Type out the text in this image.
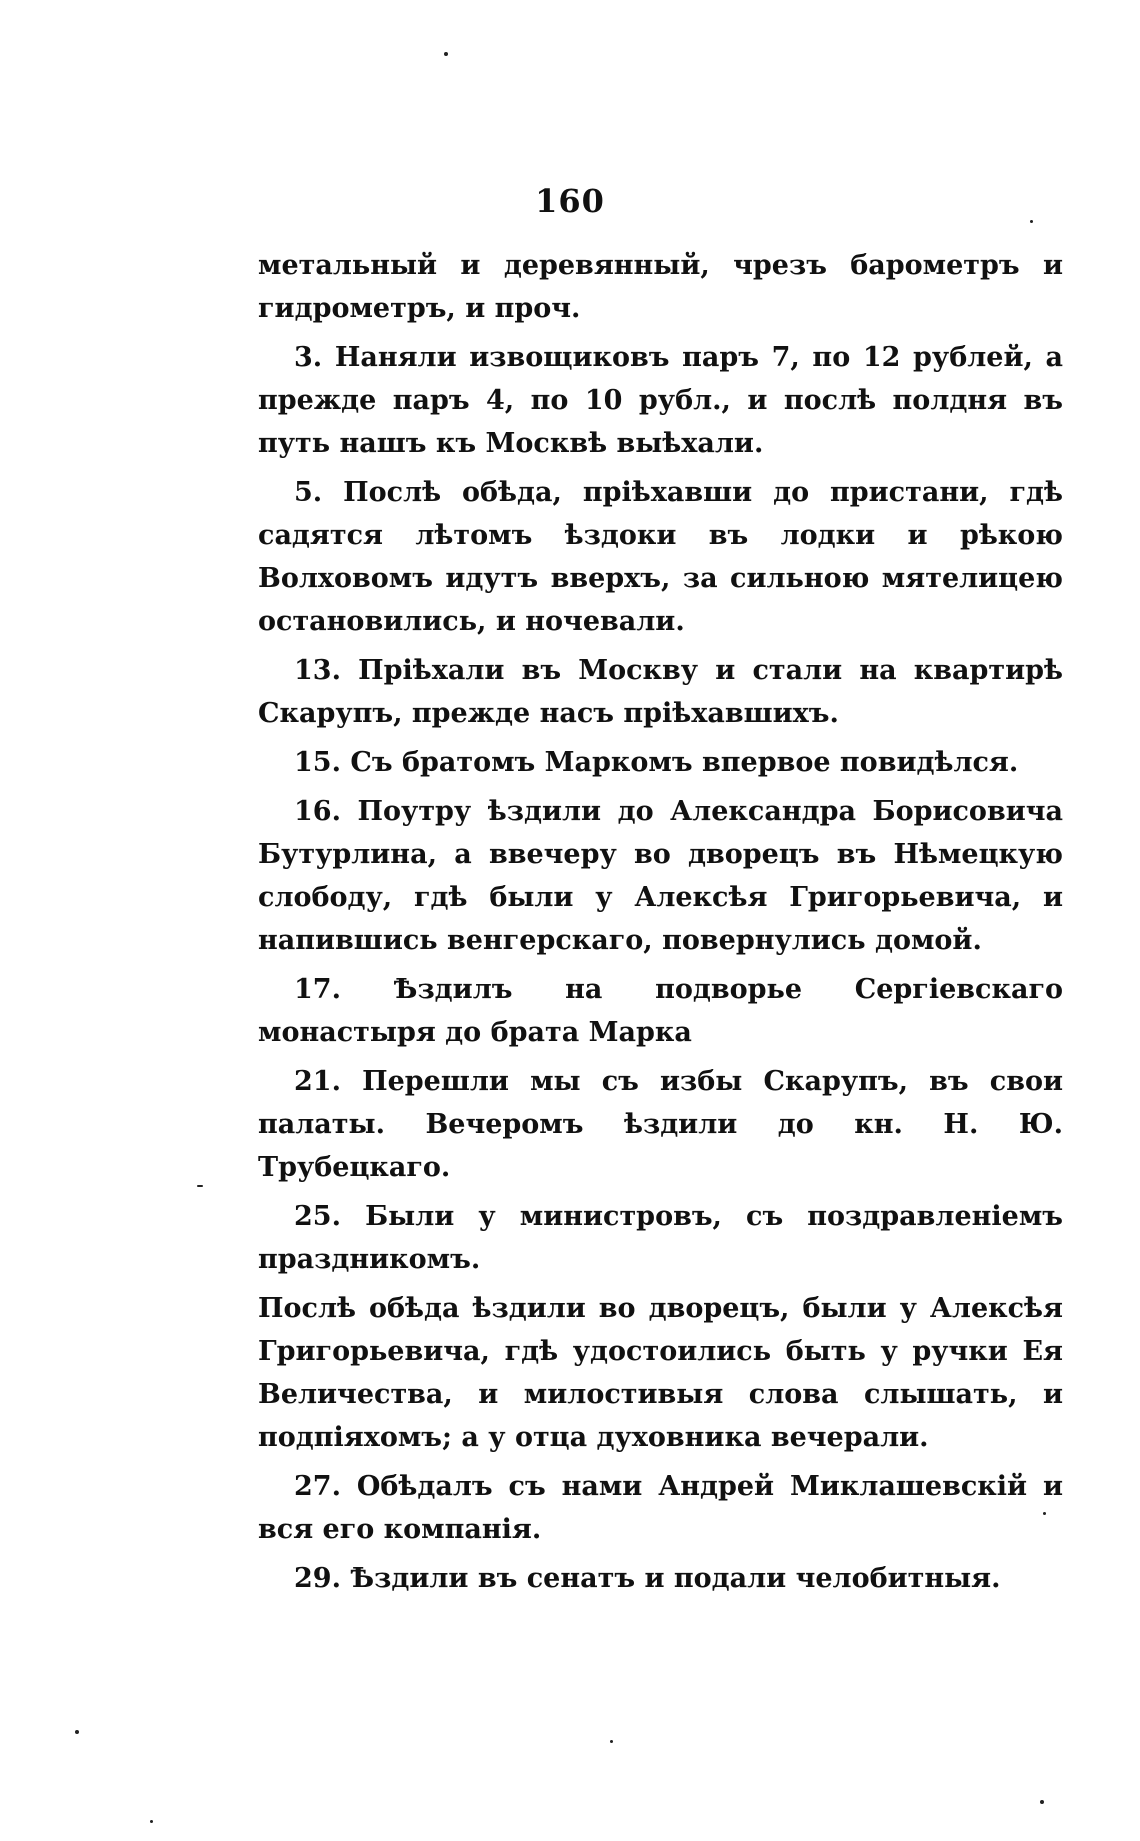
160

метальный и деревянный, чрезъ барометръ и гидрометръ, и проч.

3. Наняли извощиковъ паръ 7, по 12 рублей, а прежде паръ 4, по 10 рубл., и послѣ полдня въ путь нашъ къ Москвѣ выѣхали.

5. Послѣ обѣда, пріѣхавши до пристани, гдѣ садятся лѣтомъ ѣздоки въ лодки и рѣкою Волховомъ идутъ вверхъ, за сильною мятелицею остановились, и ночевали.

13. Пріѣхали въ Москву и стали на квартирѣ Скарупъ, прежде насъ пріѣхавшихъ.

15. Съ братомъ Маркомъ впервое повидѣлся.

16. Поутру ѣздили до Александра Борисовича Бутурлина, а ввечеру во дворецъ въ Нѣмецкую слободу, гдѣ были у Алексѣя Григорьевича, и напившись венгерскаго, повернулись домой.

17. Ѣздилъ на подворье Сергіевскаго монастыря до брата Марка

21. Перешли мы съ избы Скарупъ, въ свои палаты. Вечеромъ ѣздили до кн. Н. Ю. Трубецкаго.

25. Были у министровъ, съ поздравленіемъ праздникомъ.

Послѣ обѣда ѣздили во дворецъ, были у Алексѣя Григорьевича, гдѣ удостоились быть у ручки Ея Величества, и милостивыя слова слышать, и подпіяхомъ; а у отца духовника вечерали.

27. Обѣдалъ съ нами Андрей Миклашевскій и вся его компанія.

29. Ѣздили въ сенатъ и подали челобитныя.
